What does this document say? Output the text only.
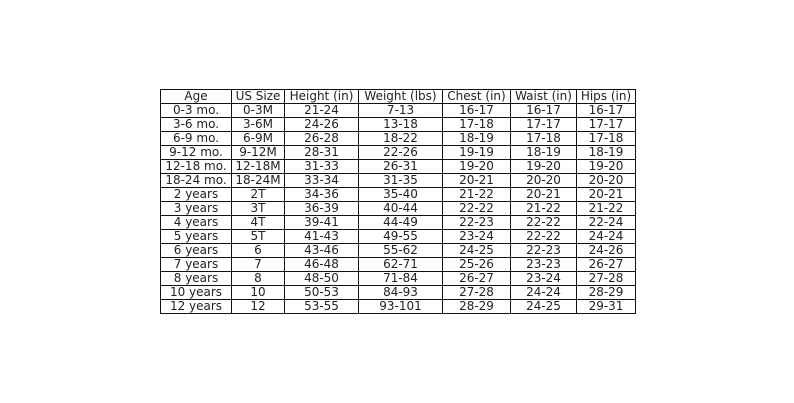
Age	US Size	Height (in)	Weight (lbs)	Chest (in)	Waist (in)	Hips (in)
0-3 mo.	0-3M	21-24	7-13	16-17	16-17	16-17
3-6 mo.	3-6M	24-26	13-18	17-18	17-17	17-17
6-9 mo.	6-9M	26-28	18-22	18-19	17-18	17-18
9-12 mo.	9-12M	28-31	22-26	19-19	18-19	18-19
12-18 mo.	12-18M	31-33	26-31	19-20	19-20	19-20
18-24 mo.	18-24M	33-34	31-35	20-21	20-20	20-20
2 years	2T	34-36	35-40	21-22	20-21	20-21
3 years	3T	36-39	40-44	22-22	21-22	21-22
4 years	4T	39-41	44-49	22-23	22-22	22-24
5 years	5T	41-43	49-55	23-24	22-22	24-24
6 years	6	43-46	55-62	24-25	22-23	24-26
7 years	7	46-48	62-71	25-26	23-23	26-27
8 years	8	48-50	71-84	26-27	23-24	27-28
10 years	10	50-53	84-93	27-28	24-24	28-29
12 years	12	53-55	93-101	28-29	24-25	29-31
